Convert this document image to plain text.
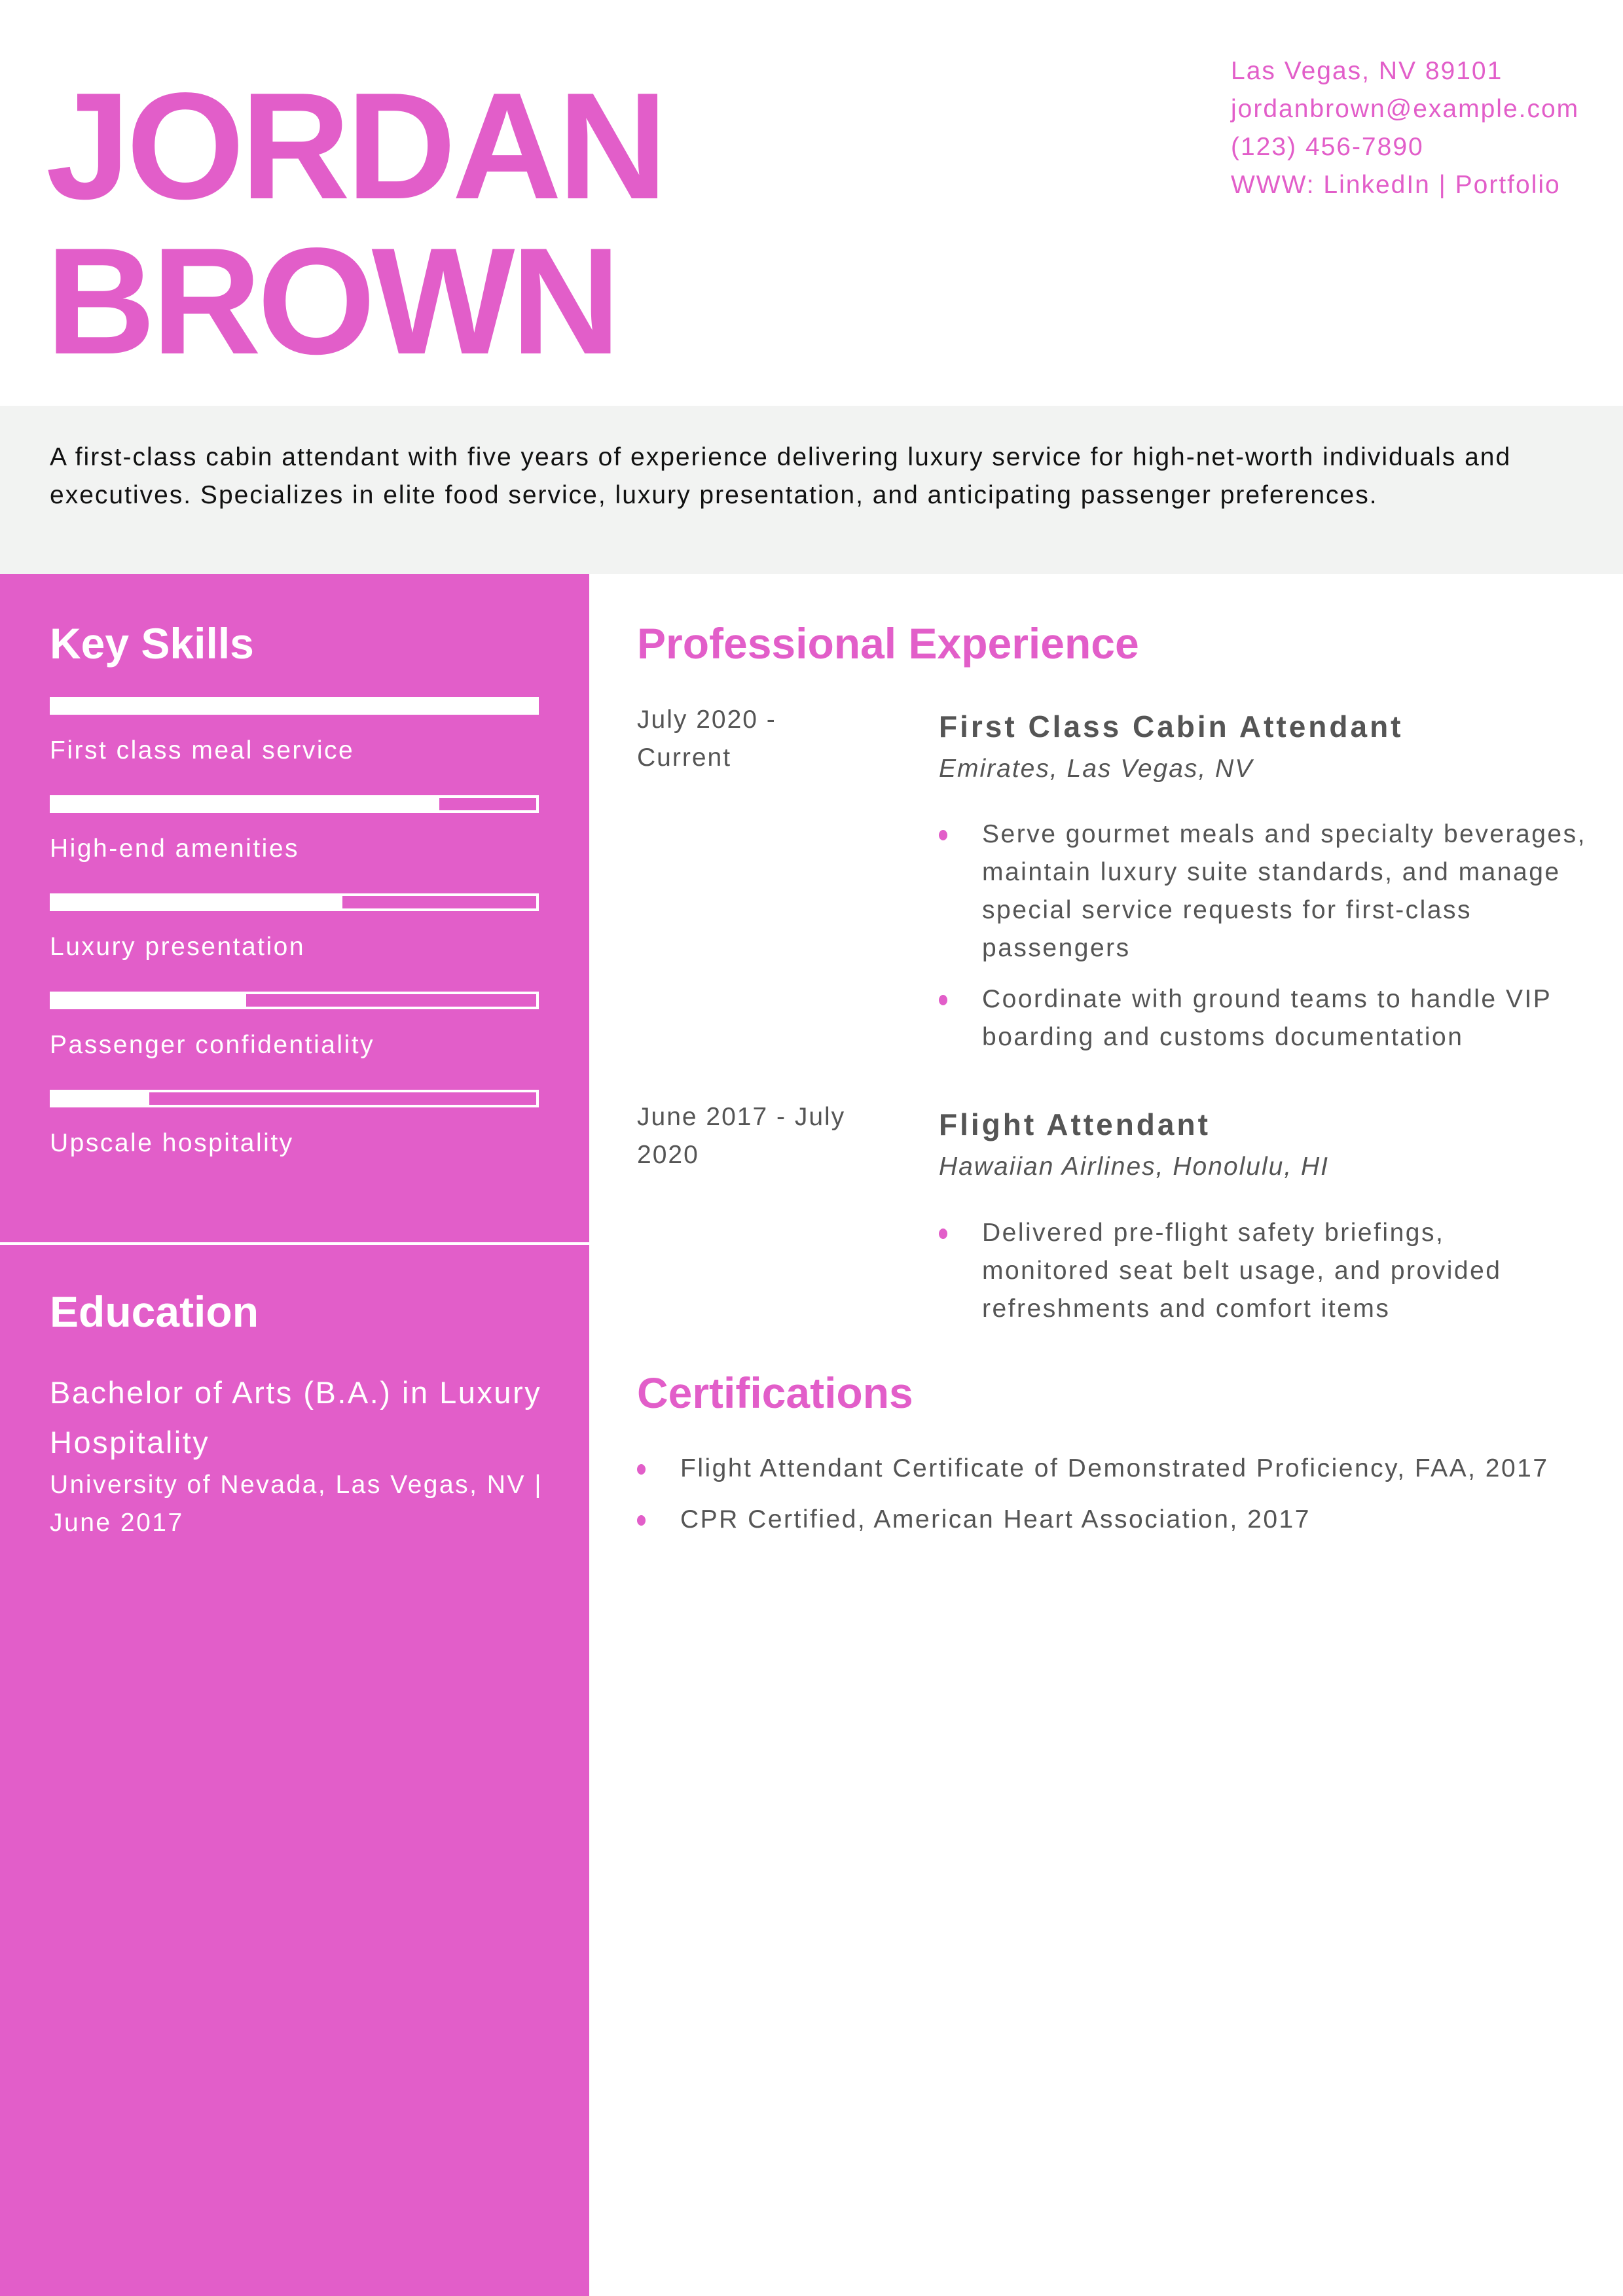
JORDAN
BROWN
Las Vegas, NV 89101
jordanbrown@example.com
(123) 456-7890
WWW: LinkedIn | Portfolio
A first-class cabin attendant with five years of experience delivering luxury service for high-net-worth individuals and executives. Specializes in elite food service, luxury presentation, and anticipating passenger preferences.
Key Skills
First class meal service
High-end amenities
Luxury presentation
Passenger confidentiality
Upscale hospitality
Education
Bachelor of Arts (B.A.) in Luxury Hospitality
University of Nevada, Las Vegas, NV | June 2017
Professional Experience
July 2020 - Current
First Class Cabin Attendant
Emirates, Las Vegas, NV
Serve gourmet meals and specialty beverages, maintain luxury suite standards, and manage special service requests for first-class passengers
Coordinate with ground teams to handle VIP boarding and customs documentation
June 2017 - July 2020
Flight Attendant
Hawaiian Airlines, Honolulu, HI
Delivered pre-flight safety briefings, monitored seat belt usage, and provided refreshments and comfort items
Certifications
Flight Attendant Certificate of Demonstrated Proficiency, FAA, 2017
CPR Certified, American Heart Association, 2017
